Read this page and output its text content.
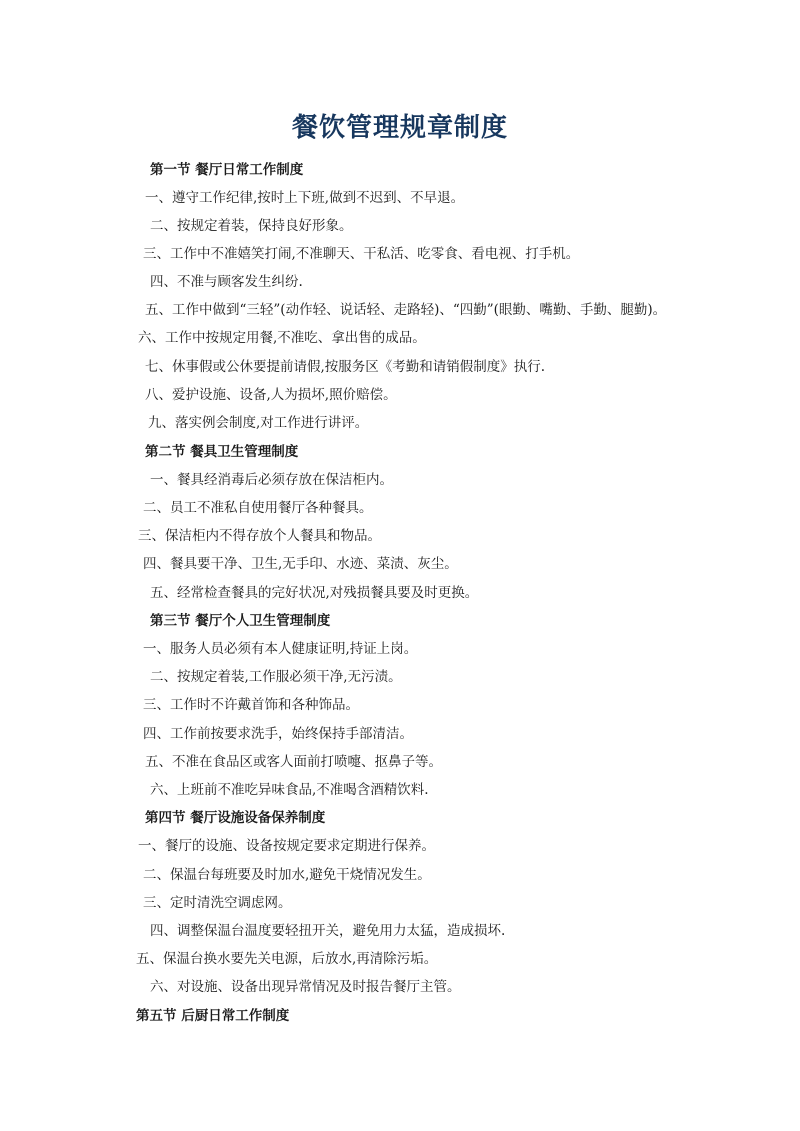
餐饮管理规章制度
第一节 餐厅日常工作制度
一、遵守工作纪律,按时上下班,做到不迟到、不早退。
二、按规定着装，保持良好形象。
三、工作中不准嬉笑打闹,不准聊天、干私活、吃零食、看电视、打手机。
四、不准与顾客发生纠纷.
五、工作中做到“三轻”(动作轻、说话轻、走路轻)、“四勤”(眼勤、嘴勤、手勤、腿勤)。
六、工作中按规定用餐,不准吃、拿出售的成品。
七、休事假或公休要提前请假,按服务区《考勤和请销假制度》执行.
八、爱护设施、设备,人为损坏,照价赔偿。
九、落实例会制度,对工作进行讲评。
第二节 餐具卫生管理制度
一、餐具经消毒后必须存放在保洁柜内。
二、员工不准私自使用餐厅各种餐具。
三、保洁柜内不得存放个人餐具和物品。
四、餐具要干净、卫生,无手印、水迹、菜渍、灰尘。
五、经常检查餐具的完好状况,对残损餐具要及时更换。
第三节 餐厅个人卫生管理制度
一、服务人员必须有本人健康证明,持证上岗。
二、按规定着装,工作服必须干净,无污渍。
三、工作时不许戴首饰和各种饰品。
四、工作前按要求洗手，始终保持手部清洁。
五、不准在食品区或客人面前打喷嚏、抠鼻子等。
六、上班前不准吃异味食品,不准喝含酒精饮料.
第四节 餐厅设施设备保养制度
一、餐厅的设施、设备按规定要求定期进行保养。
二、保温台每班要及时加水,避免干烧情况发生。
三、定时清洗空调虑网。
四、调整保温台温度要轻扭开关，避免用力太猛，造成损坏.
五、保温台换水要先关电源，后放水,再清除污垢。
六、对设施、设备出现异常情况及时报告餐厅主管。
第五节 后厨日常工作制度
